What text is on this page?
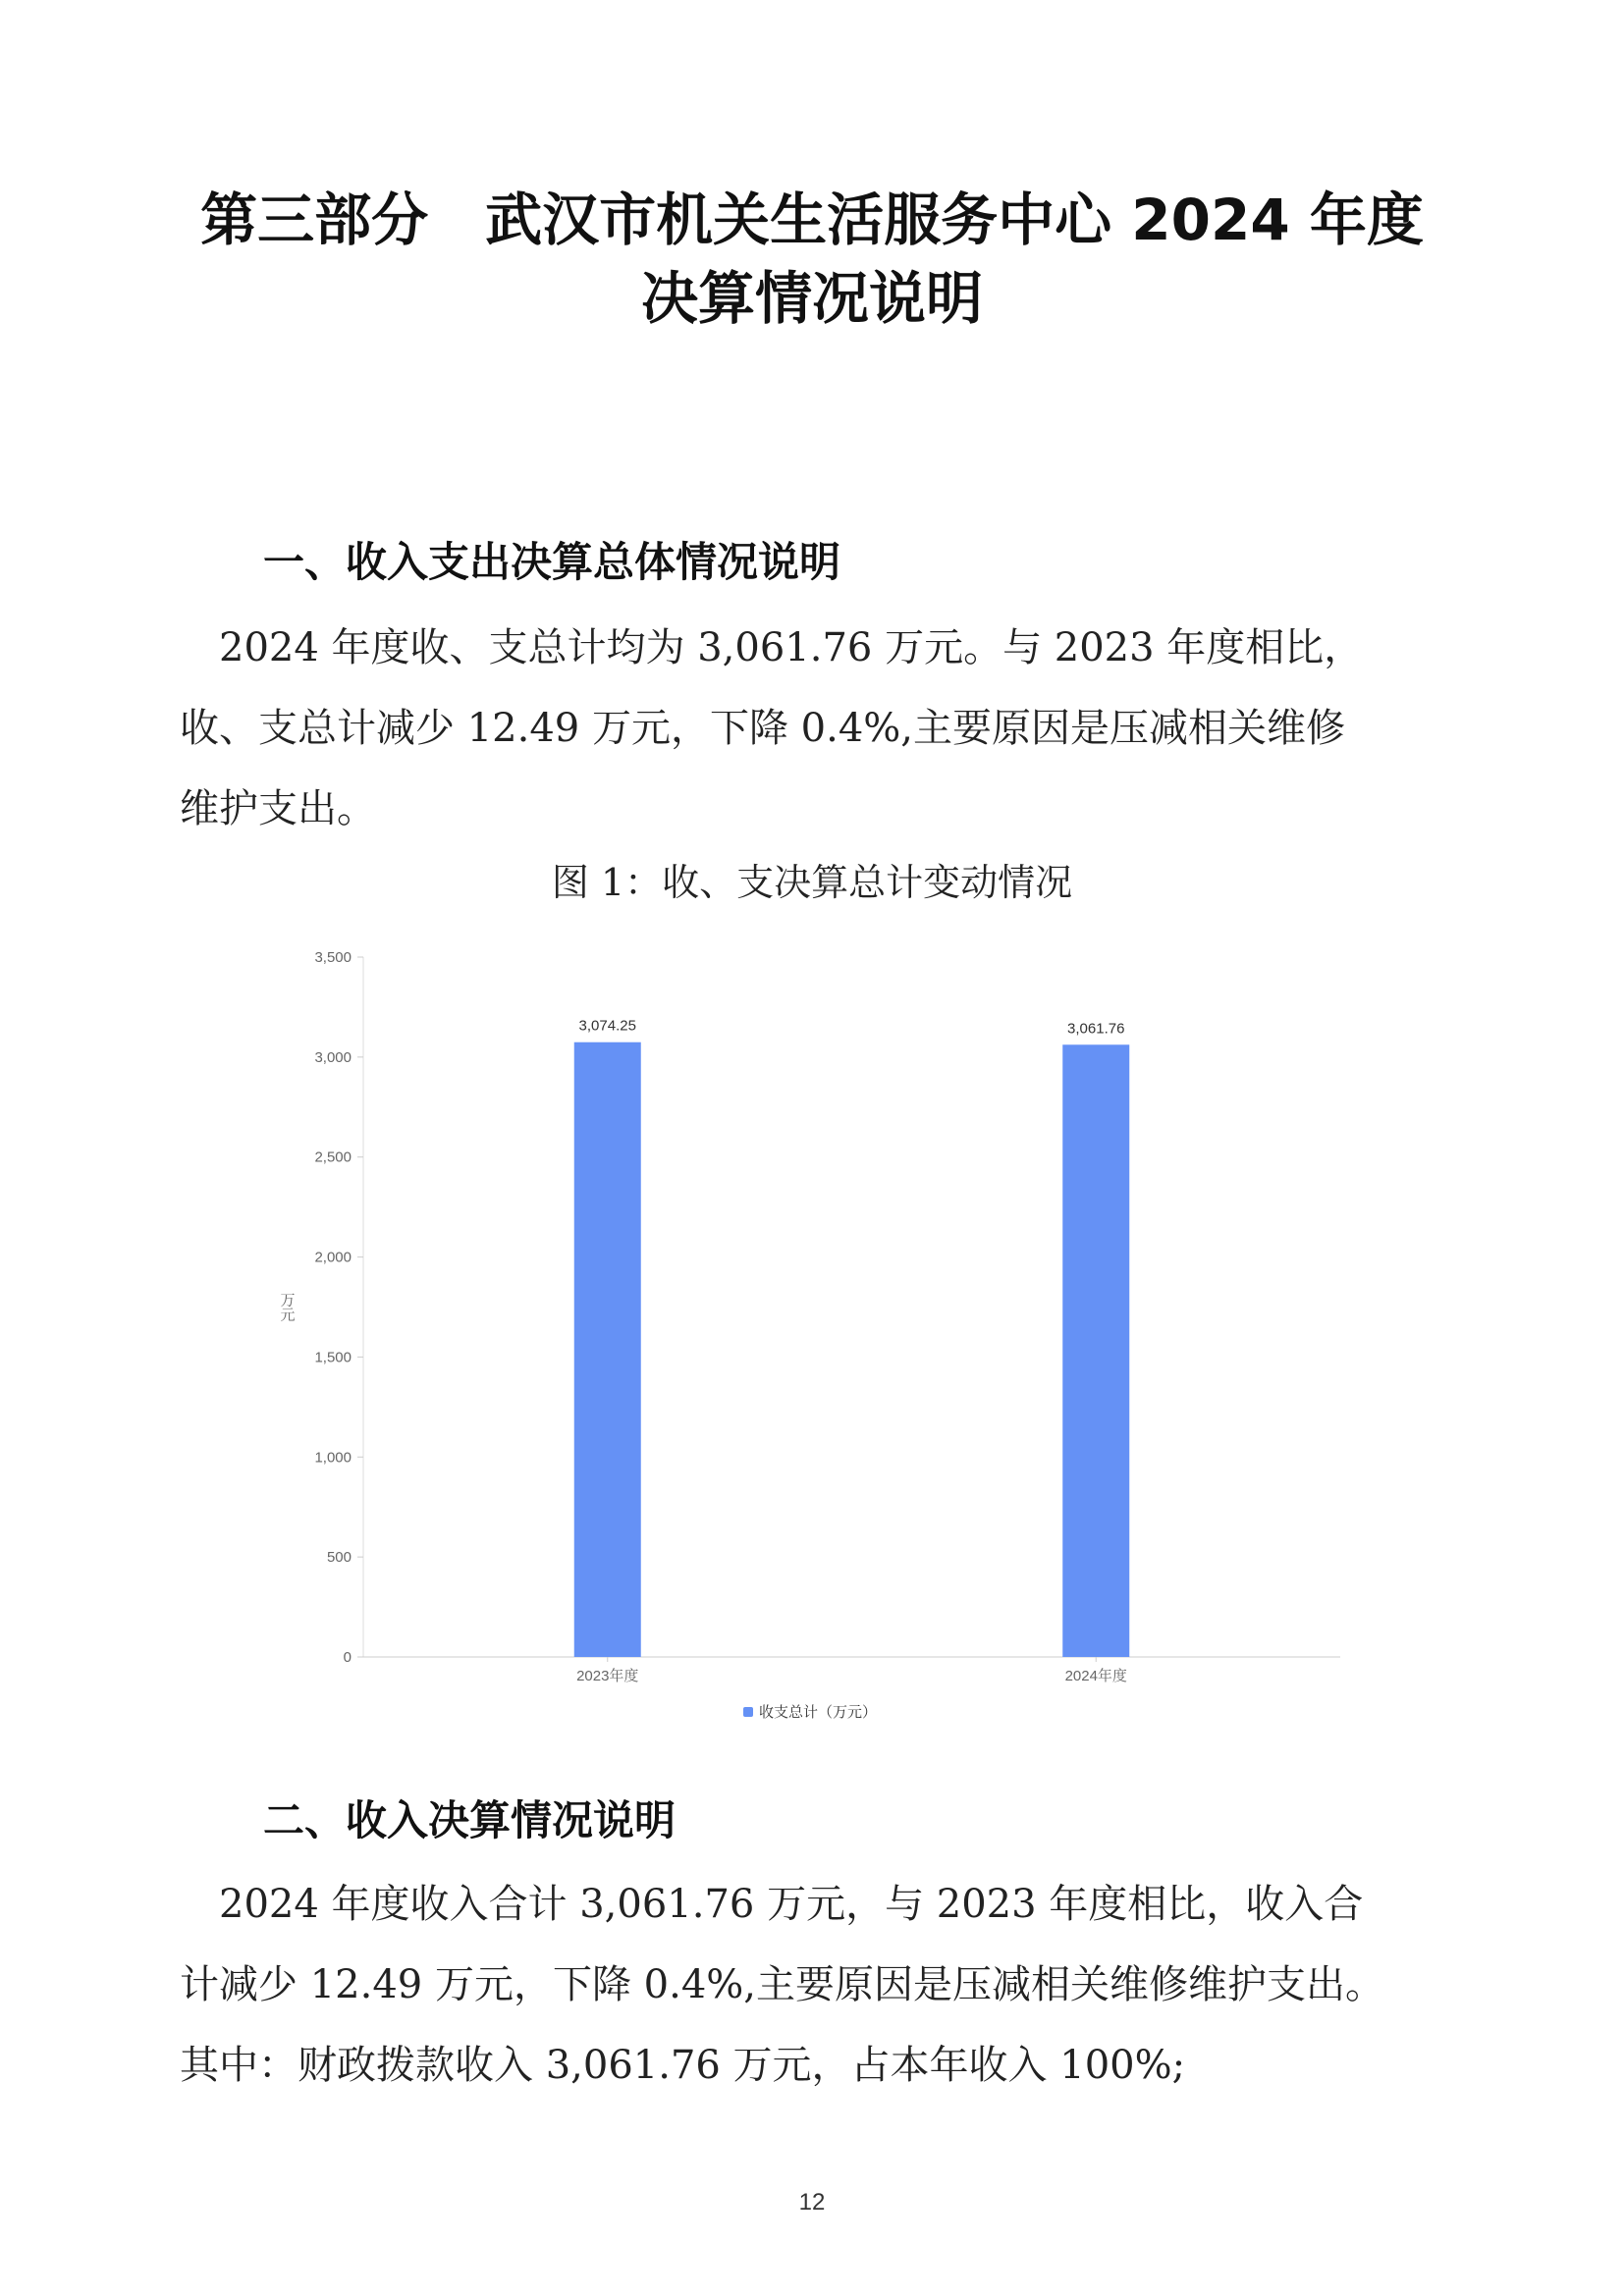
第三部分　武汉市机关生活服务中心 2024 年度
决算情况说明
一、收入支出决算总体情况说明
　2024 年度收、支总计均为 3,061.76 万元。与 2023 年度相比，
收、支总计减少 12.49 万元，下降 0.4%,主要原因是压减相关维修
维护支出。
图 1：收、支决算总计变动情况
0
500
1,000
1,500
2,000
2,500
3,000
3,500
万元
3,074.25
2023年度
3,061.76
2024年度
收支总计（万元）
二、收入决算情况说明
　2024 年度收入合计 3,061.76 万元，与 2023 年度相比，收入合
计减少 12.49 万元，下降 0.4%,主要原因是压减相关维修维护支出。
其中：财政拨款收入 3,061.76 万元，占本年收入 100%;
12
